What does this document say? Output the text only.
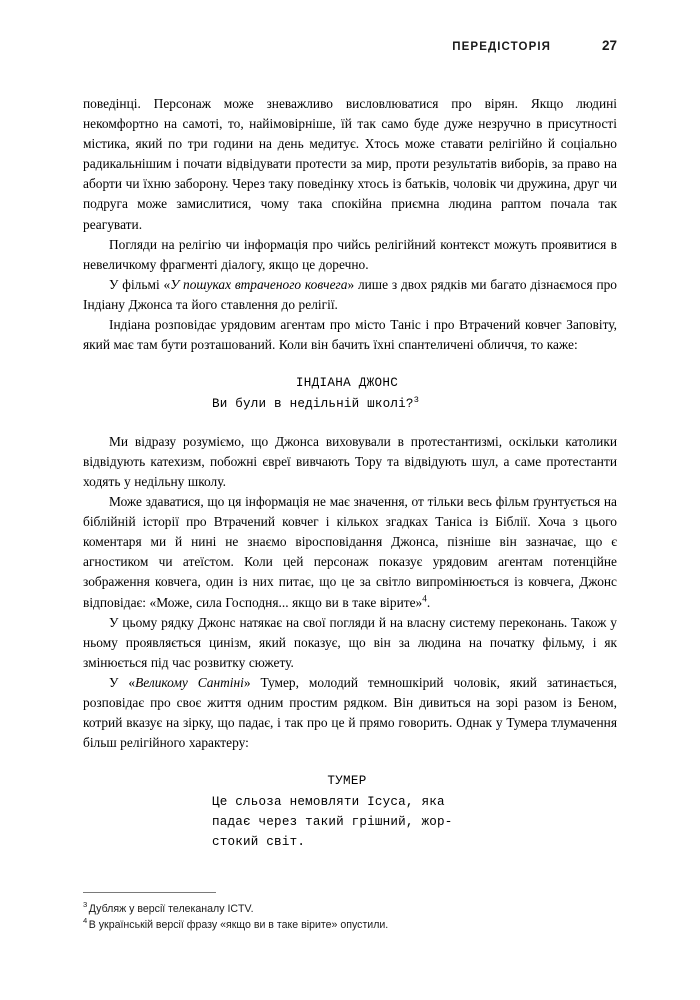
ПЕРЕДІСТОРІЯ	27

поведінці. Персонаж може зневажливо висловлюватися про вірян. Якщо людині некомфортно на самоті, то, найімовірніше, їй так само буде дуже незручно в присутності містика, який по три години на день медитує. Хтось може ставати релігійно й соціально радикальнішим і почати відвідувати протести за мир, проти результатів виборів, за право на аборти чи їхню заборону. Через таку поведінку хтось із батьків, чоловік чи дружина, друг чи подруга може замислитися, чому така спокійна приємна людина раптом почала так реагувати.

Погляди на релігію чи інформація про чийсь релігійний контекст можуть проявитися в невеличкому фрагменті діалогу, якщо це доречно.

У фільмі «У пошуках втраченого ковчега» лише з двох рядків ми багато дізнаємося про Індіану Джонса та його ставлення до релігії.

Індіана розповідає урядовим агентам про місто Таніс і про Втрачений ковчег Заповіту, який має там бути розташований. Коли він бачить їхні спантеличені обличчя, то каже:

ІНДІАНА ДЖОНС
Ви були в недільній школі?$^3$

Ми відразу розуміємо, що Джонса виховували в протестантизмі, оскільки католики відвідують катехизм, побожні євреї вивчають Тору та відвідують шул, а саме протестанти ходять у недільну школу.

Може здаватися, що ця інформація не має значення, от тільки весь фільм ґрунтується на біблійній історії про Втрачений ковчег і кількох згадках Таніса із Біблії. Хоча з цього коментаря ми й нині не знаємо віросповідання Джонса, пізніше він зазначає, що є агностиком чи атеїстом. Коли цей персонаж показує урядовим агентам потенційне зображення ковчега, один із них питає, що це за світло випромінюється із ковчега, Джонс відповідає: «Може, сила Господня... якщо ви в таке вірите»$^4$.

У цьому рядку Джонс натякає на свої погляди й на власну систему переконань. Також у ньому проявляється цинізм, який показує, що він за людина на початку фільму, і як змінюється під час розвитку сюжету.

У «Великому Сантіні» Тумер, молодий темношкірий чоловік, який затинається, розповідає про своє життя одним простим рядком. Він дивиться на зорі разом із Беном, котрий вказує на зірку, що падає, і так про це й прямо говорить. Однак у Тумера тлумачення більш релігійного характеру:

ТУМЕР
Це сльоза немовляти Ісуса, яка
падає через такий грішний, жор-
стокий світ.

$^3$ Дубляж у версії телеканалу ICTV.

$^4$ В українській версії фразу «якщо ви в таке вірите» опустили.
